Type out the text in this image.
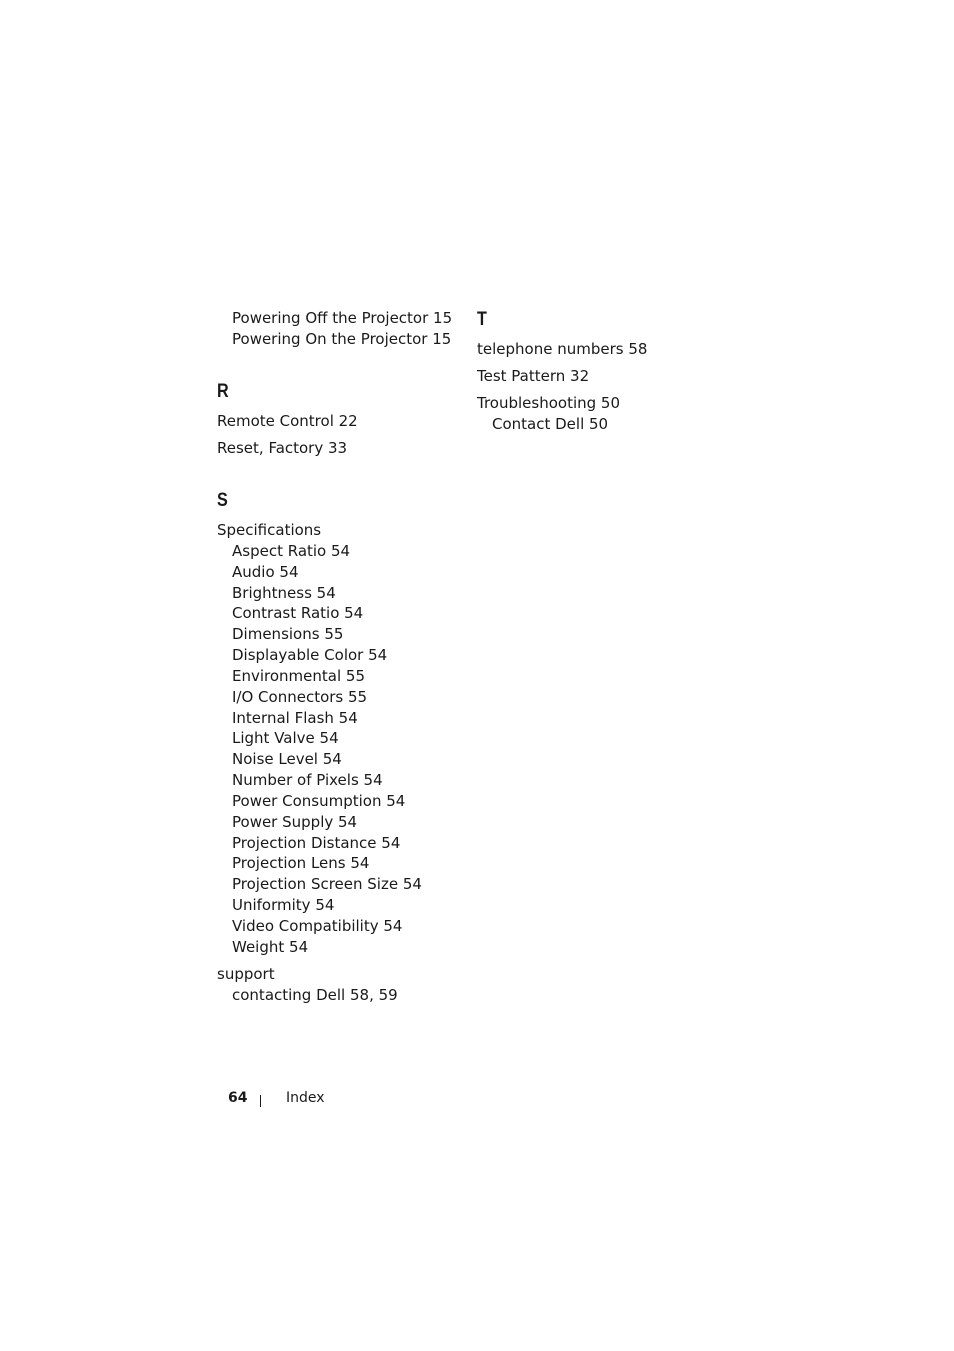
Powering Off the Projector 15
Powering On the Projector 15
R
Remote Control 22
Reset, Factory 33
S
Specifications
Aspect Ratio 54
Audio 54
Brightness 54
Contrast Ratio 54
Dimensions 55
Displayable Color 54
Environmental 55
I/O Connectors 55
Internal Flash 54
Light Valve 54
Noise Level 54
Number of Pixels 54
Power Consumption 54
Power Supply 54
Projection Distance 54
Projection Lens 54
Projection Screen Size 54
Uniformity 54
Video Compatibility 54
Weight 54
support
contacting Dell 58, 59
T
telephone numbers 58
Test Pattern 32
Troubleshooting 50
Contact Dell 50
64	Index
